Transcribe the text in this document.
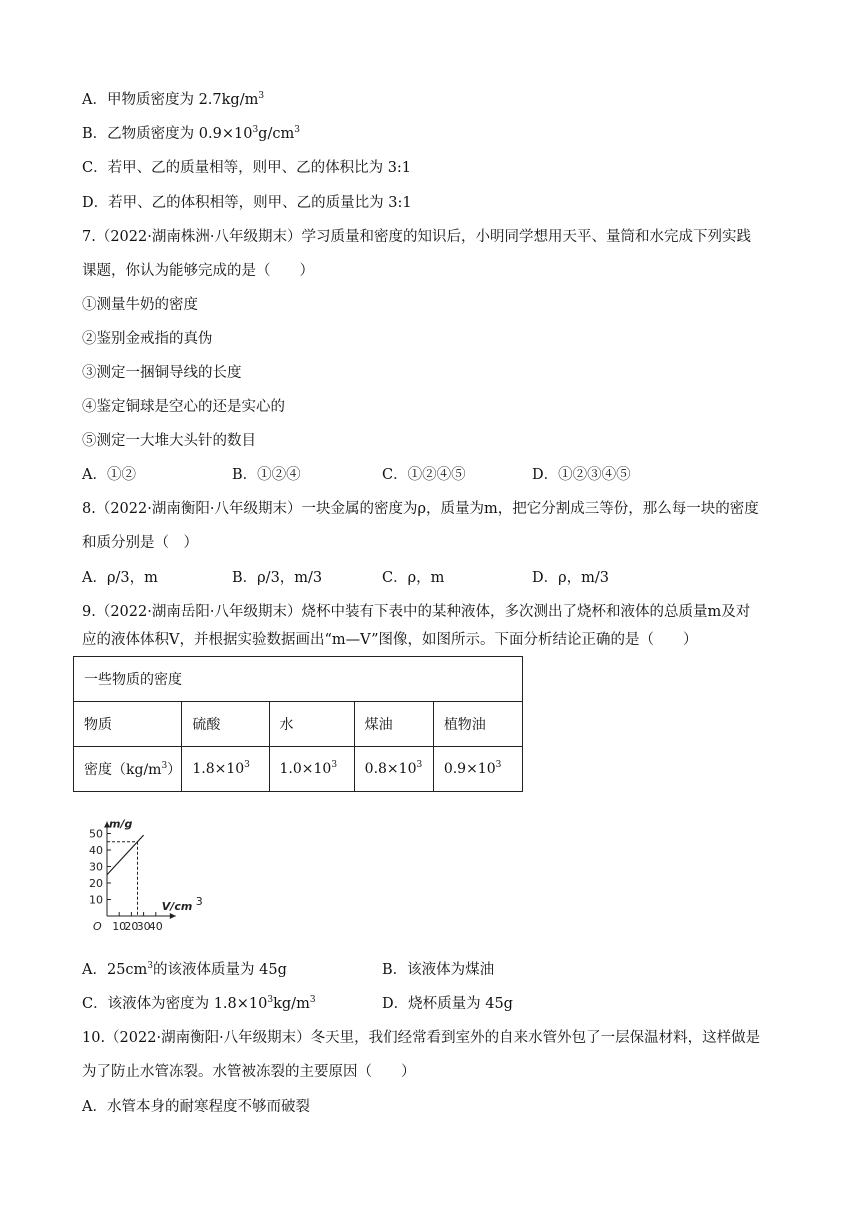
A．甲物质密度为 $2.7kg/m^3$
B．乙物质密度为 $0.9\times 10^3g/cm^3$
C．若甲、乙的质量相等，则甲、乙的体积比为 3:1
D．若甲、乙的体积相等，则甲、乙的质量比为 3:1
7.（2022·湖南株洲·八年级期末）学习质量和密度的知识后，小明同学想用天平、量筒和水完成下列实践
课题，你认为能够完成的是（　　）
①测量牛奶的密度
②鉴别金戒指的真伪
③测定一捆铜导线的长度
④鉴定铜球是空心的还是实心的
⑤测定一大堆大头针的数目
A．①②	B．①②④	C．①②④⑤	D．①②③④⑤
8.（2022·湖南衡阳·八年级期末）一块金属的密度为ρ，质量为m，把它分割成三等份，那么每一块的密度
和质分别是（　）
A．ρ/3，m	B．ρ/3，m/3	C．ρ，m	D．ρ，m/3
9.（2022·湖南岳阳·八年级期末）烧杯中装有下表中的某种液体，多次测出了烧杯和液体的总质量m及对
应的液体体积V，并根据实验数据画出“m—V”图像，如图所示。下面分析结论正确的是（　　）
一些物质的密度				
物质	硫酸	水	煤油	植物油
密度$(kg/m^3)$	$1.8\times 10^3$	$1.0\times 10^3$	$0.8\times 10^3$	$0.9\times 10^3$
10
20
30
40
50
10
20
30
40
O
m/g
V/cm 3
A．$25cm^3$的该液体质量为 45g	B．该液体为煤油
C．该液体为密度为 $1.8\times 10^3kg/m^3$	D．烧杯质量为 45g
10.（2022·湖南衡阳·八年级期末）冬天里，我们经常看到室外的自来水管外包了一层保温材料，这样做是
为了防止水管冻裂。水管被冻裂的主要原因（　　）
A．水管本身的耐寒程度不够而破裂
